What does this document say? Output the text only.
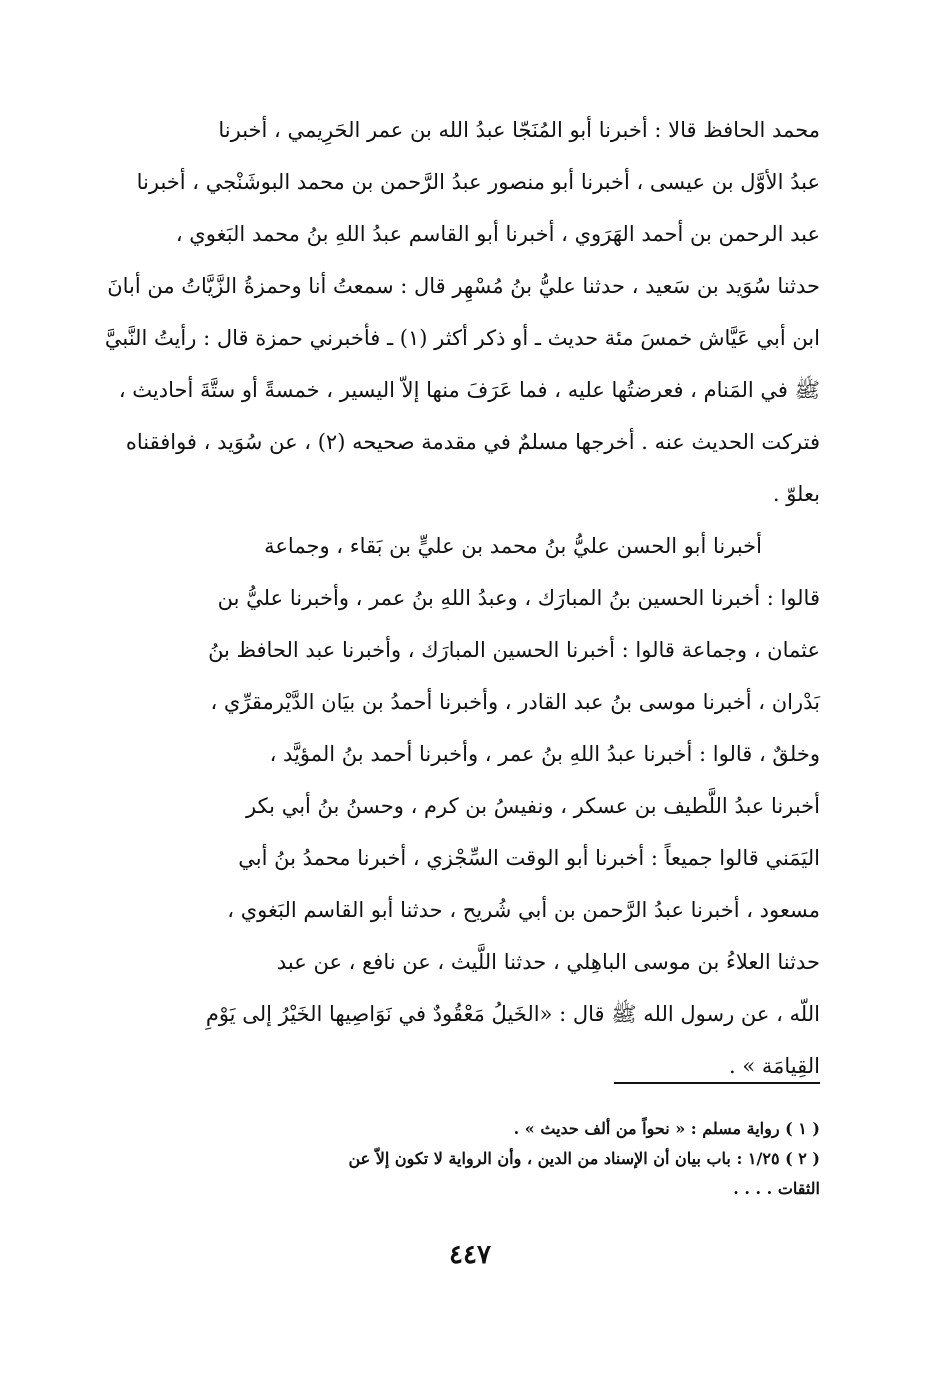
محمد الحافظ قالا : أخبرنا أبو المُنَجّا عبدُ الله بن عمر الحَرِيمي ، أخبرنا
عبدُ الأوَّل بن عيسى ، أخبرنا أبو منصور عبدُ الرَّحمن بن محمد البوشَنْجي ، أخبرنا
عبد الرحمن بن أحمد الهَرَوي ، أخبرنا أبو القاسم عبدُ اللهِ بنُ محمد البَغوي ،
حدثنا سُوَيد بن سَعيد ، حدثنا عليُّ بنُ مُسْهِر قال : سمعتُ أنا وحمزةُ الزَّيَّاتُ من أبانَ
ابن أبي عَيَّاش خمسَ مئة حديث ـ أو ذكر أكثر (١) ـ فأخبرني حمزة قال : رأيتُ النَّبيَّ
ﷺ في المَنام ، فعرضتُها عليه ، فما عَرَفَ منها إلاّ اليسير ، خمسةً أو ستَّةَ أحاديث ،
فتركت الحديث عنه . أخرجها مسلمٌ في مقدمة صحيحه (٢) ، عن سُوَيد ، فوافقناه
بعلوّ .
أخبرنا أبو الحسن عليُّ بنُ محمد بن عليٍّ بن بَقاء ، وجماعة
قالوا : أخبرنا الحسين بنُ المبارَك ، وعبدُ اللهِ بنُ عمر ، وأخبرنا عليُّ بن
عثمان ، وجماعة قالوا : أخبرنا الحسين المبارَك ، وأخبرنا عبد الحافظ بنُ
بَدْران ، أخبرنا موسى بنُ عبد القادر ، وأخبرنا أحمدُ بن بيَان الدَّيْرمقرِّي ،
وخلقٌ ، قالوا : أخبرنا عبدُ اللهِ بنُ عمر ، وأخبرنا أحمد بنُ المؤيَّد ،
أخبرنا عبدُ اللَّطيف بن عسكر ، ونفيسُ بن كرم ، وحسنُ بنُ أبي بكر
اليَمَني قالوا جميعاً : أخبرنا أبو الوقت السِّجْزي ، أخبرنا محمدُ بنُ أبي
مسعود ، أخبرنا عبدُ الرَّحمن بن أبي شُريح ، حدثنا أبو القاسم البَغوي ،
حدثنا العلاءُ بن موسى الباهِلي ، حدثنا اللَّيث ، عن نافع ، عن عبد
اللّه ، عن رسول الله ﷺ قال : «الخَيلُ مَعْقُودٌ في نَوَاصِيها الخَيْرُ إلى يَوْمِ
القِيامَة » .
( ١ ) رواية مسلم : « نحواً من ألف حديث » .
( ٢ ) ١/٢٥ : باب بيان أن الإسناد من الدين ، وأن الرواية لا تكون إلاّ عن
الثقات . . . .
٤٤٧
